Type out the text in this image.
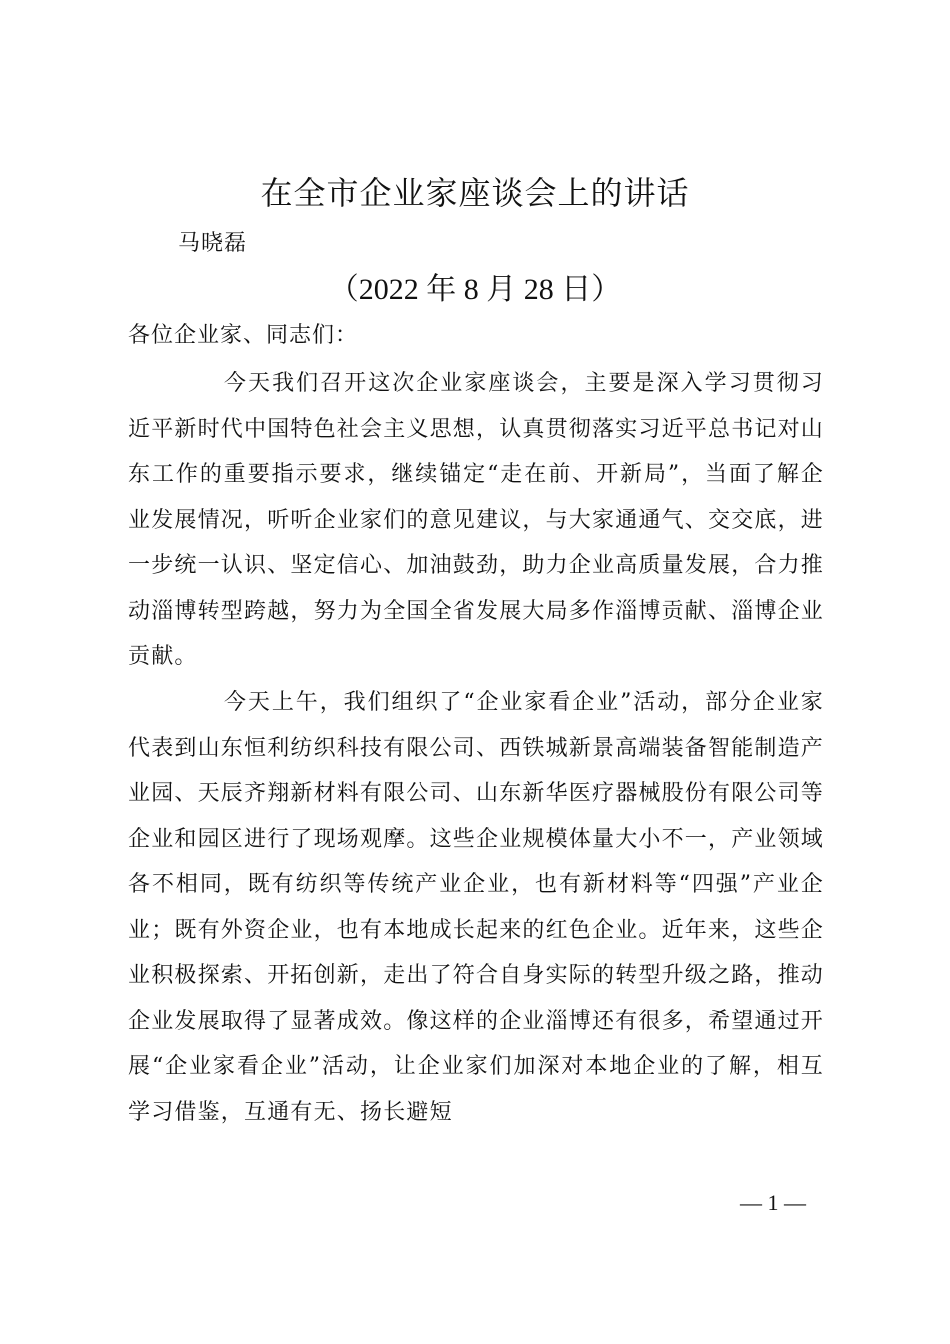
在全市企业家座谈会上的讲话
马晓磊
（2022 年 8 月 28 日）
各位企业家、同志们：

今天我们召开这次企业家座谈会，主要是深入学习贯彻习近平新时代中国特色社会主义思想，认真贯彻落实习近平总书记对山东工作的重要指示要求，继续锚定“走在前、开新局”，当面了解企业发展情况，听听企业家们的意见建议，与大家通通气、交交底，进一步统一认识、坚定信心、加油鼓劲，助力企业高质量发展，合力推动淄博转型跨越，努力为全国全省发展大局多作淄博贡献、淄博企业贡献。

今天上午，我们组织了“企业家看企业”活动，部分企业家代表到山东恒利纺织科技有限公司、西铁城新景高端装备智能制造产业园、天辰齐翔新材料有限公司、山东新华医疗器械股份有限公司等企业和园区进行了现场观摩。这些企业规模体量大小不一，产业领域各不相同，既有纺织等传统产业企业，也有新材料等“四强”产业企业；既有外资企业，也有本地成长起来的红色企业。近年来，这些企业积极探索、开拓创新，走出了符合自身实际的转型升级之路，推动企业发展取得了显著成效。像这样的企业淄博还有很多，希望通过开展“企业家看企业”活动，让企业家们加深对本地企业的了解，相互学习借鉴，互通有无、扬长避短

— 1 —
